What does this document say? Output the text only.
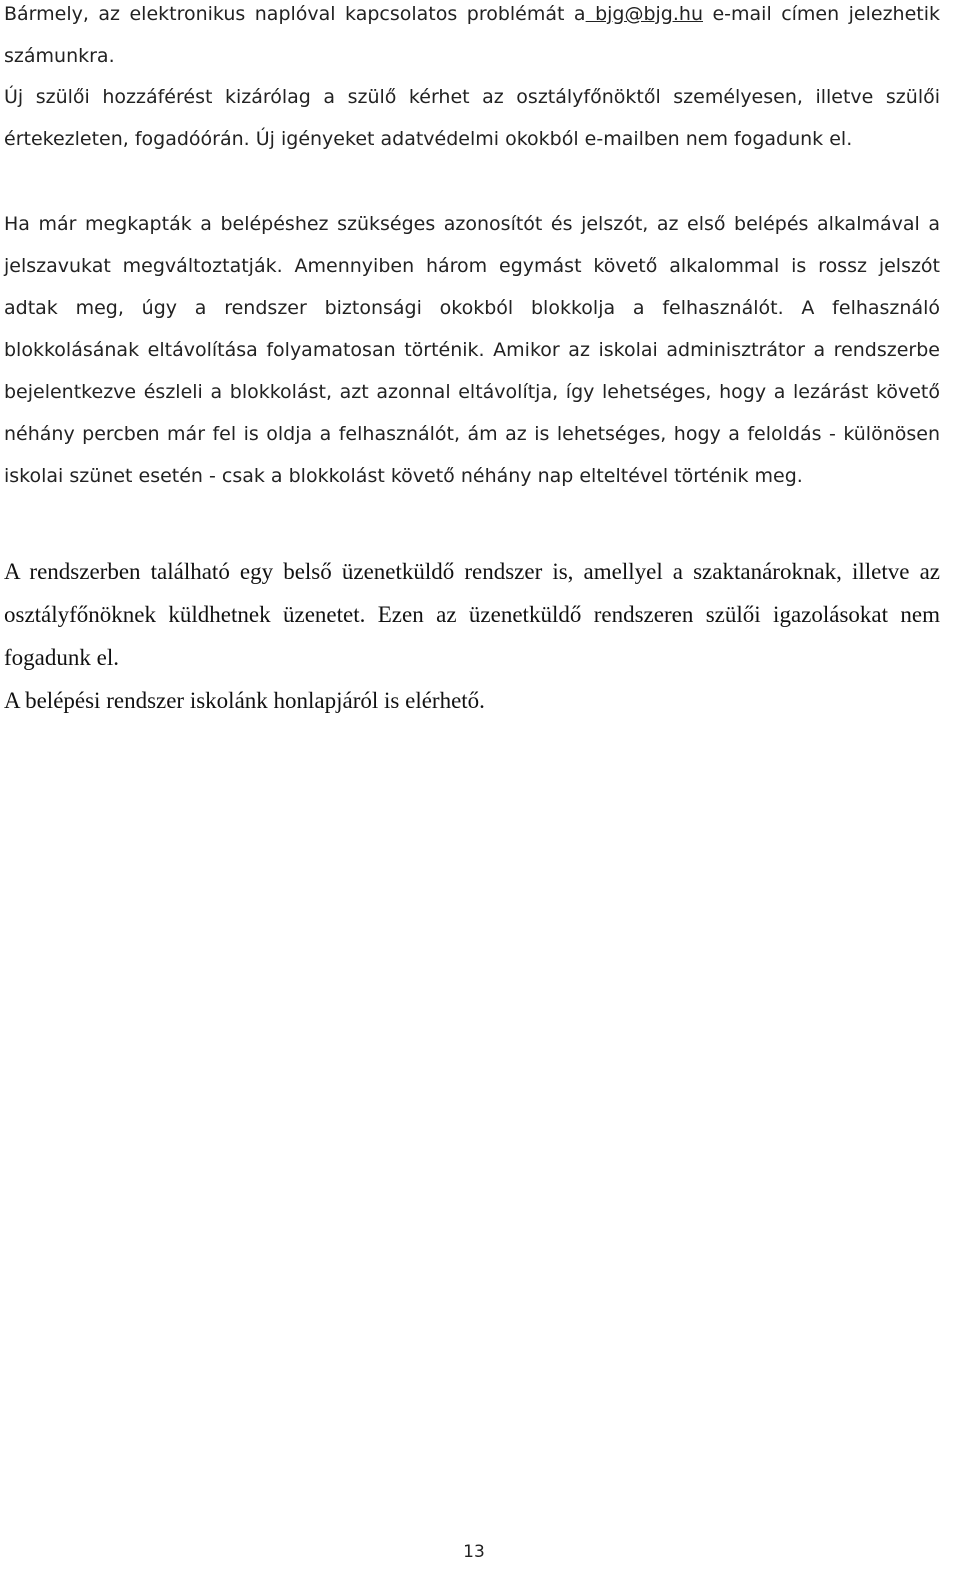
Bármely, az elektronikus naplóval kapcsolatos problémát a bjg@bjg.hu e-mail címen jelezhetik számunkra.

Új szülői hozzáférést kizárólag a szülő kérhet az osztályfőnöktől személyesen, illetve szülői értekezleten, fogadóórán. Új igényeket adatvédelmi okokból e-mailben nem fogadunk el.

Ha már megkapták a belépéshez szükséges azonosítót és jelszót, az első belépés alkalmával a jelszavukat megváltoztatják. Amennyiben három egymást követő alkalommal is rossz jelszót adtak meg, úgy a rendszer biztonsági okokból blokkolja a felhasználót. A felhasználó blokkolásának eltávolítása folyamatosan történik. Amikor az iskolai adminisztrátor a rendszerbe bejelentkezve észleli a blokkolást, azt azonnal eltávolítja, így lehetséges, hogy a lezárást követő néhány percben már fel is oldja a felhasználót, ám az is lehetséges, hogy a feloldás - különösen iskolai szünet esetén - csak a blokkolást követő néhány nap elteltével történik meg.

A rendszerben található egy belső üzenetküldő rendszer is, amellyel a szaktanároknak, illetve az osztályfőnöknek küldhetnek üzenetet. Ezen az üzenetküldő rendszeren szülői igazolásokat nem fogadunk el.

A belépési rendszer iskolánk honlapjáról is elérhető.

13
